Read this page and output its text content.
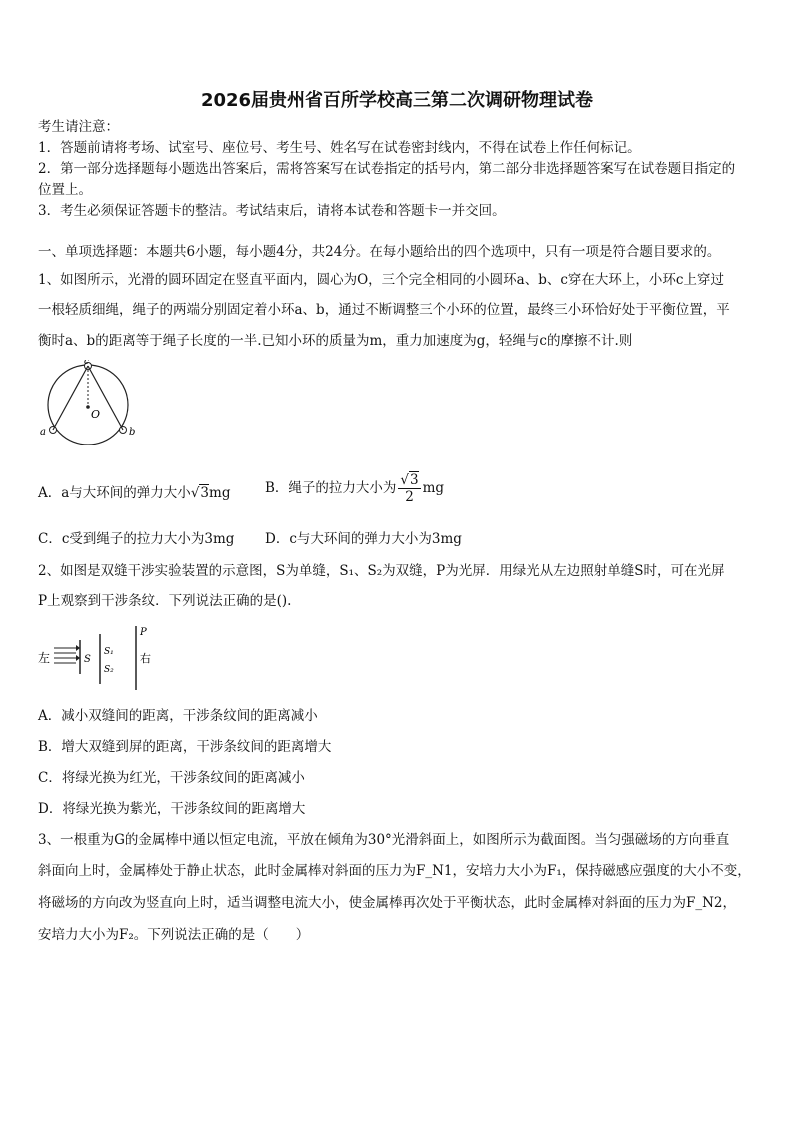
2026届贵州省百所学校高三第二次调研物理试卷
考生请注意：
1．答题前请将考场、试室号、座位号、考生号、姓名写在试卷密封线内，不得在试卷上作任何标记。
2．第一部分选择题每小题选出答案后，需将答案写在试卷指定的括号内，第二部分非选择题答案写在试卷题目指定的
位置上。
3．考生必须保证答题卡的整洁。考试结束后，请将本试卷和答题卡一并交回。
一、单项选择题：本题共6小题，每小题4分，共24分。在每小题给出的四个选项中，只有一项是符合题目要求的。
1、如图所示，光滑的圆环固定在竖直平面内，圆心为O，三个完全相同的小圆环a、b、c穿在大环上，小环c上穿过
一根轻质细绳，绳子的两端分别固定着小环a、b，通过不断调整三个小环的位置，最终三小环恰好处于平衡位置，平
衡时a、b的距离等于绳子长度的一半.已知小环的质量为m，重力加速度为g，轻绳与c的摩擦不计.则
O
c
a	b
A．a与大环间的弹力大小√3mg	B．绳子的拉力大小为 $\frac{√3}{2}$ mg
C．c受到绳子的拉力大小为3mg D．c与大环间的弹力大小为3mg
2、如图是双缝干涉实验装置的示意图，S为单缝，S₁、S₂为双缝，P为光屏．用绿光从左边照射单缝S时，可在光屏
P上观察到干涉条纹．下列说法正确的是().
左	S
S₁
S₂
P
右
A．减小双缝间的距离，干涉条纹间的距离减小
B．增大双缝到屏的距离，干涉条纹间的距离增大
C．将绿光换为红光，干涉条纹间的距离减小
D．将绿光换为紫光，干涉条纹间的距离增大
3、一根重为G的金属棒中通以恒定电流，平放在倾角为30°光滑斜面上，如图所示为截面图。当匀强磁场的方向垂直
斜面向上时，金属棒处于静止状态，此时金属棒对斜面的压力为F_N1，安培力大小为F₁，保持磁感应强度的大小不变，
将磁场的方向改为竖直向上时，适当调整电流大小，使金属棒再次处于平衡状态，此时金属棒对斜面的压力为F_N2，
安培力大小为F₂。下列说法正确的是（　　）
